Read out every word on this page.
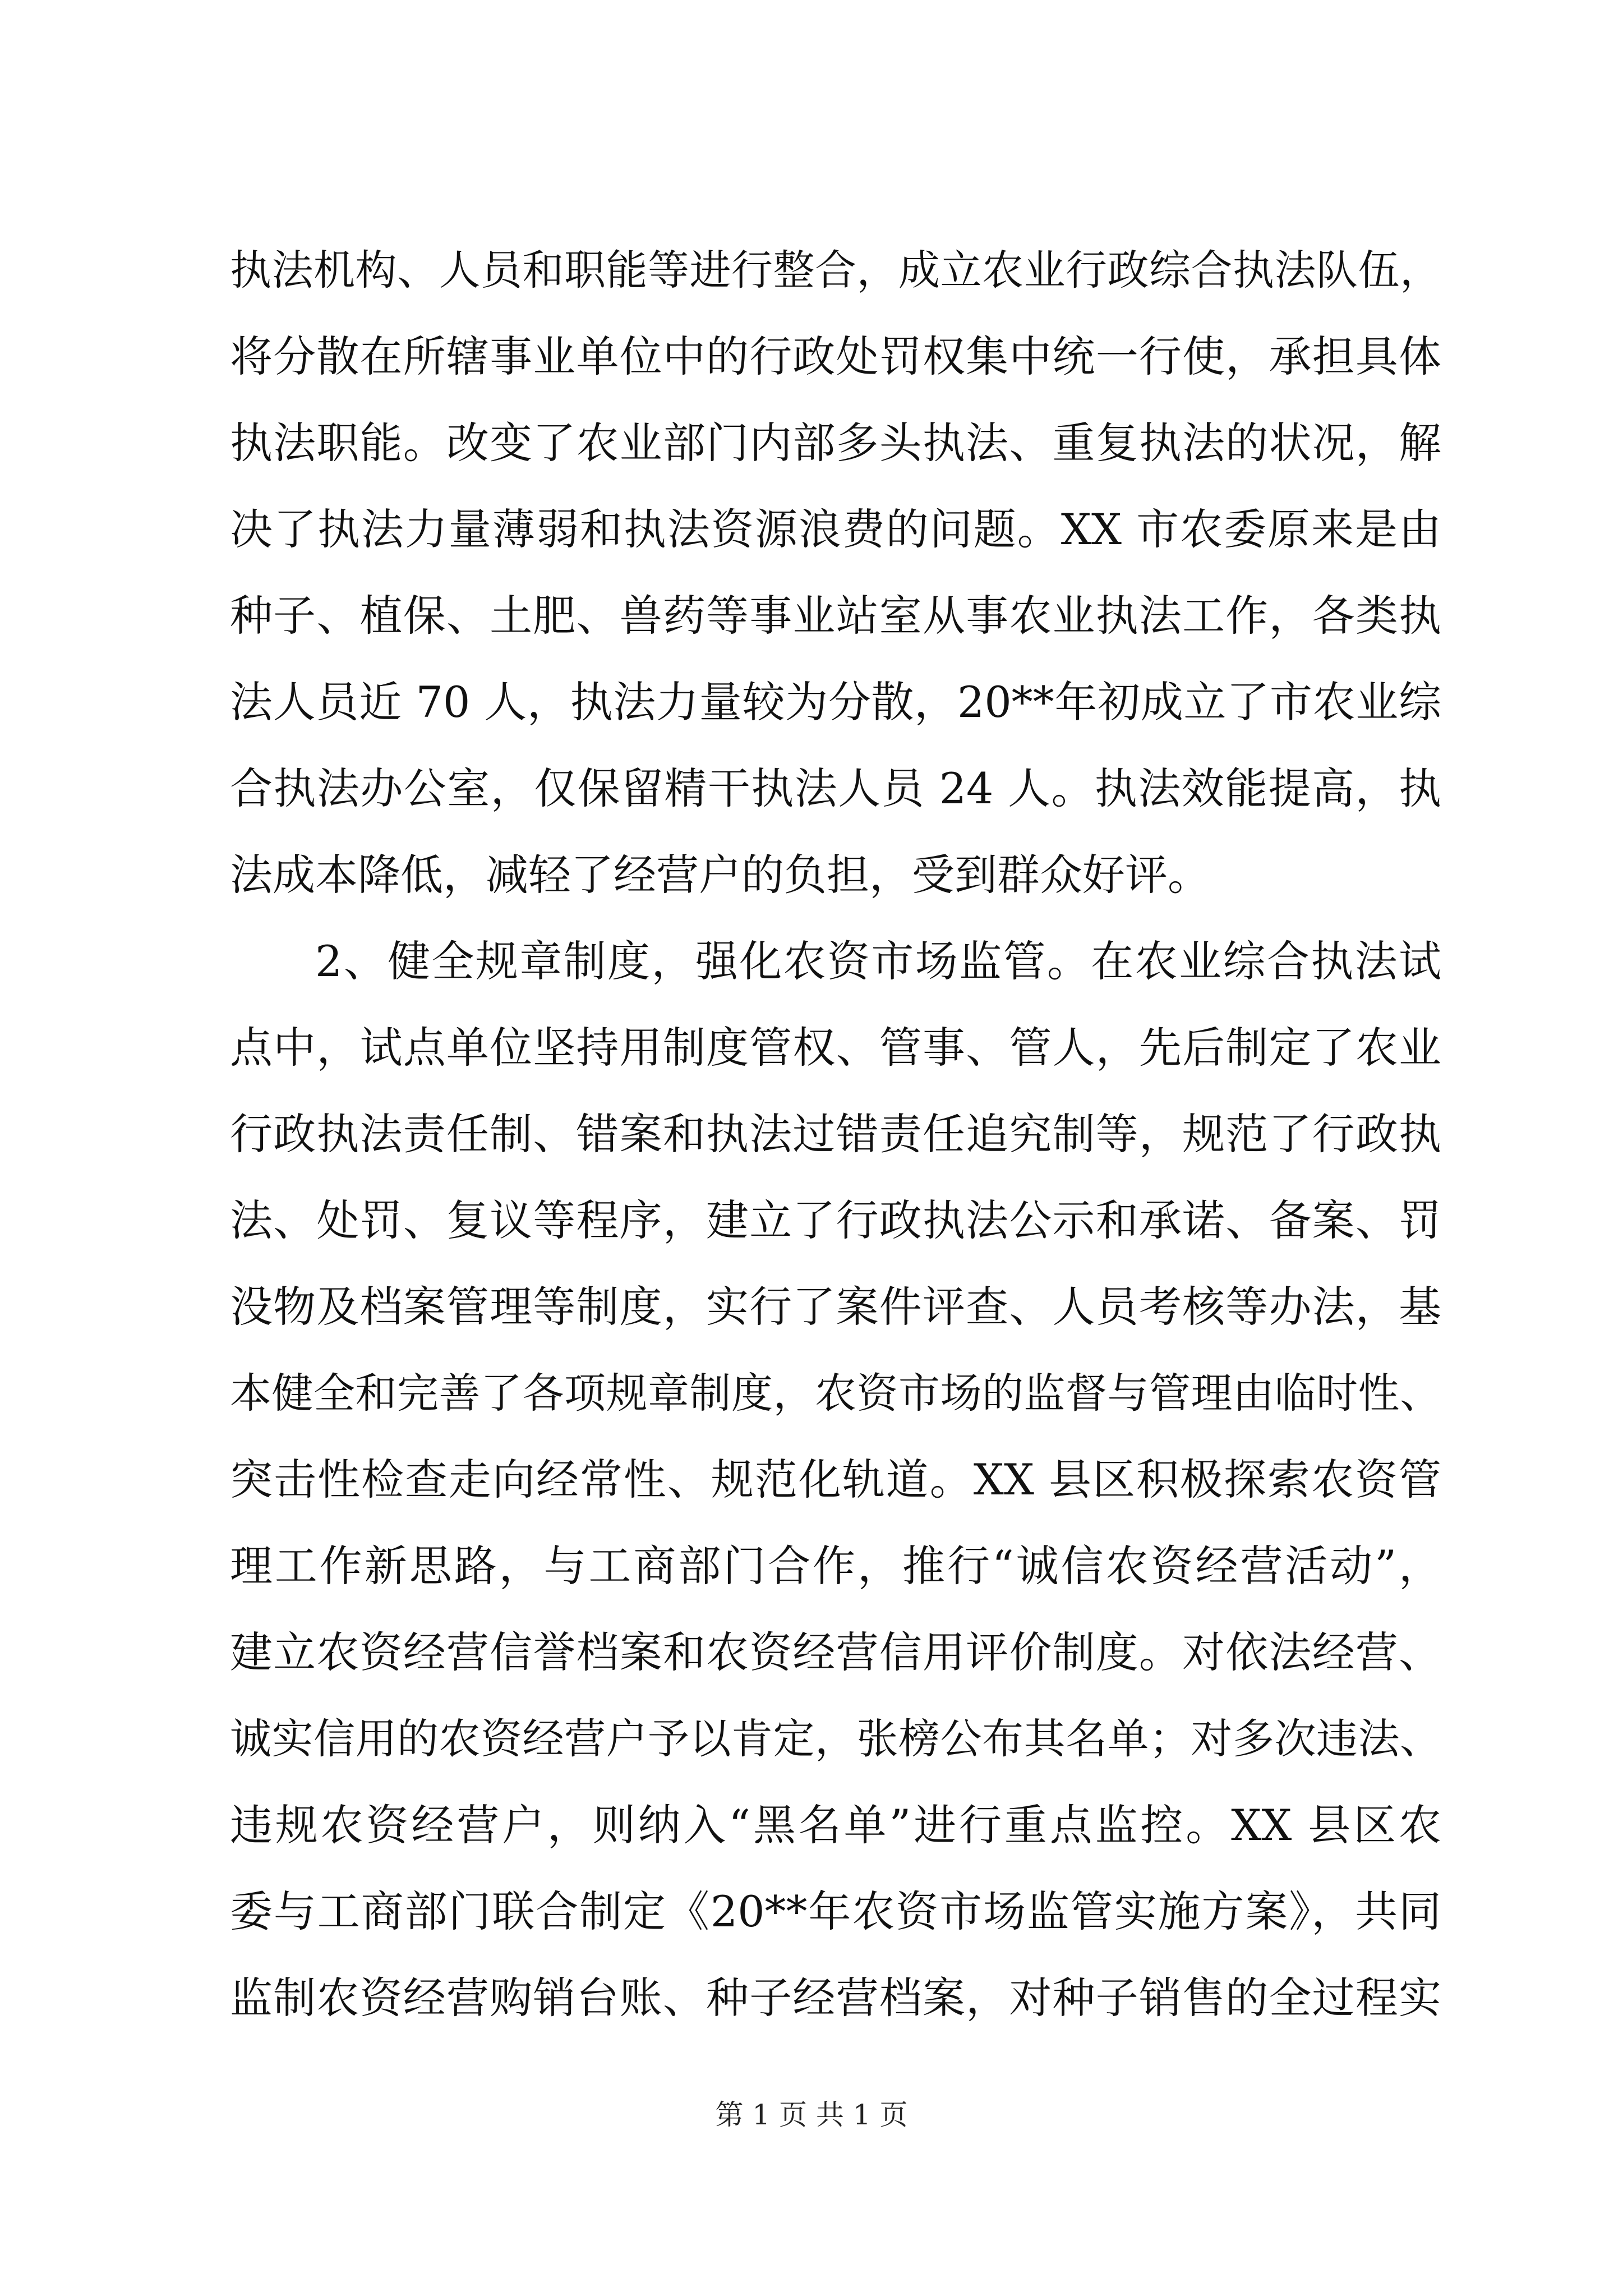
执法机构、人员和职能等进行整合，成立农业行政综合执法队伍，
将分散在所辖事业单位中的行政处罚权集中统一行使，承担具体
执法职能。改变了农业部门内部多头执法、重复执法的状况，解
决了执法力量薄弱和执法资源浪费的问题。XX 市农委原来是由
种子、植保、土肥、兽药等事业站室从事农业执法工作，各类执
法人员近 70 人，执法力量较为分散，20**年初成立了市农业综
合执法办公室，仅保留精干执法人员 24 人。执法效能提高，执
法成本降低，减轻了经营户的负担，受到群众好评。
2、健全规章制度，强化农资市场监管。在农业综合执法试
点中，试点单位坚持用制度管权、管事、管人，先后制定了农业
行政执法责任制、错案和执法过错责任追究制等，规范了行政执
法、处罚、复议等程序，建立了行政执法公示和承诺、备案、罚
没物及档案管理等制度，实行了案件评查、人员考核等办法，基
本健全和完善了各项规章制度，农资市场的监督与管理由临时性、
突击性检查走向经常性、规范化轨道。XX 县区积极探索农资管
理工作新思路，与工商部门合作，推行“诚信农资经营活动”，
建立农资经营信誉档案和农资经营信用评价制度。对依法经营、
诚实信用的农资经营户予以肯定，张榜公布其名单；对多次违法、
违规农资经营户，则纳入“黑名单”进行重点监控。XX 县区农
委与工商部门联合制定《20**年农资市场监管实施方案》，共同
监制农资经营购销台账、种子经营档案，对种子销售的全过程实
第 1 页 共 1 页
